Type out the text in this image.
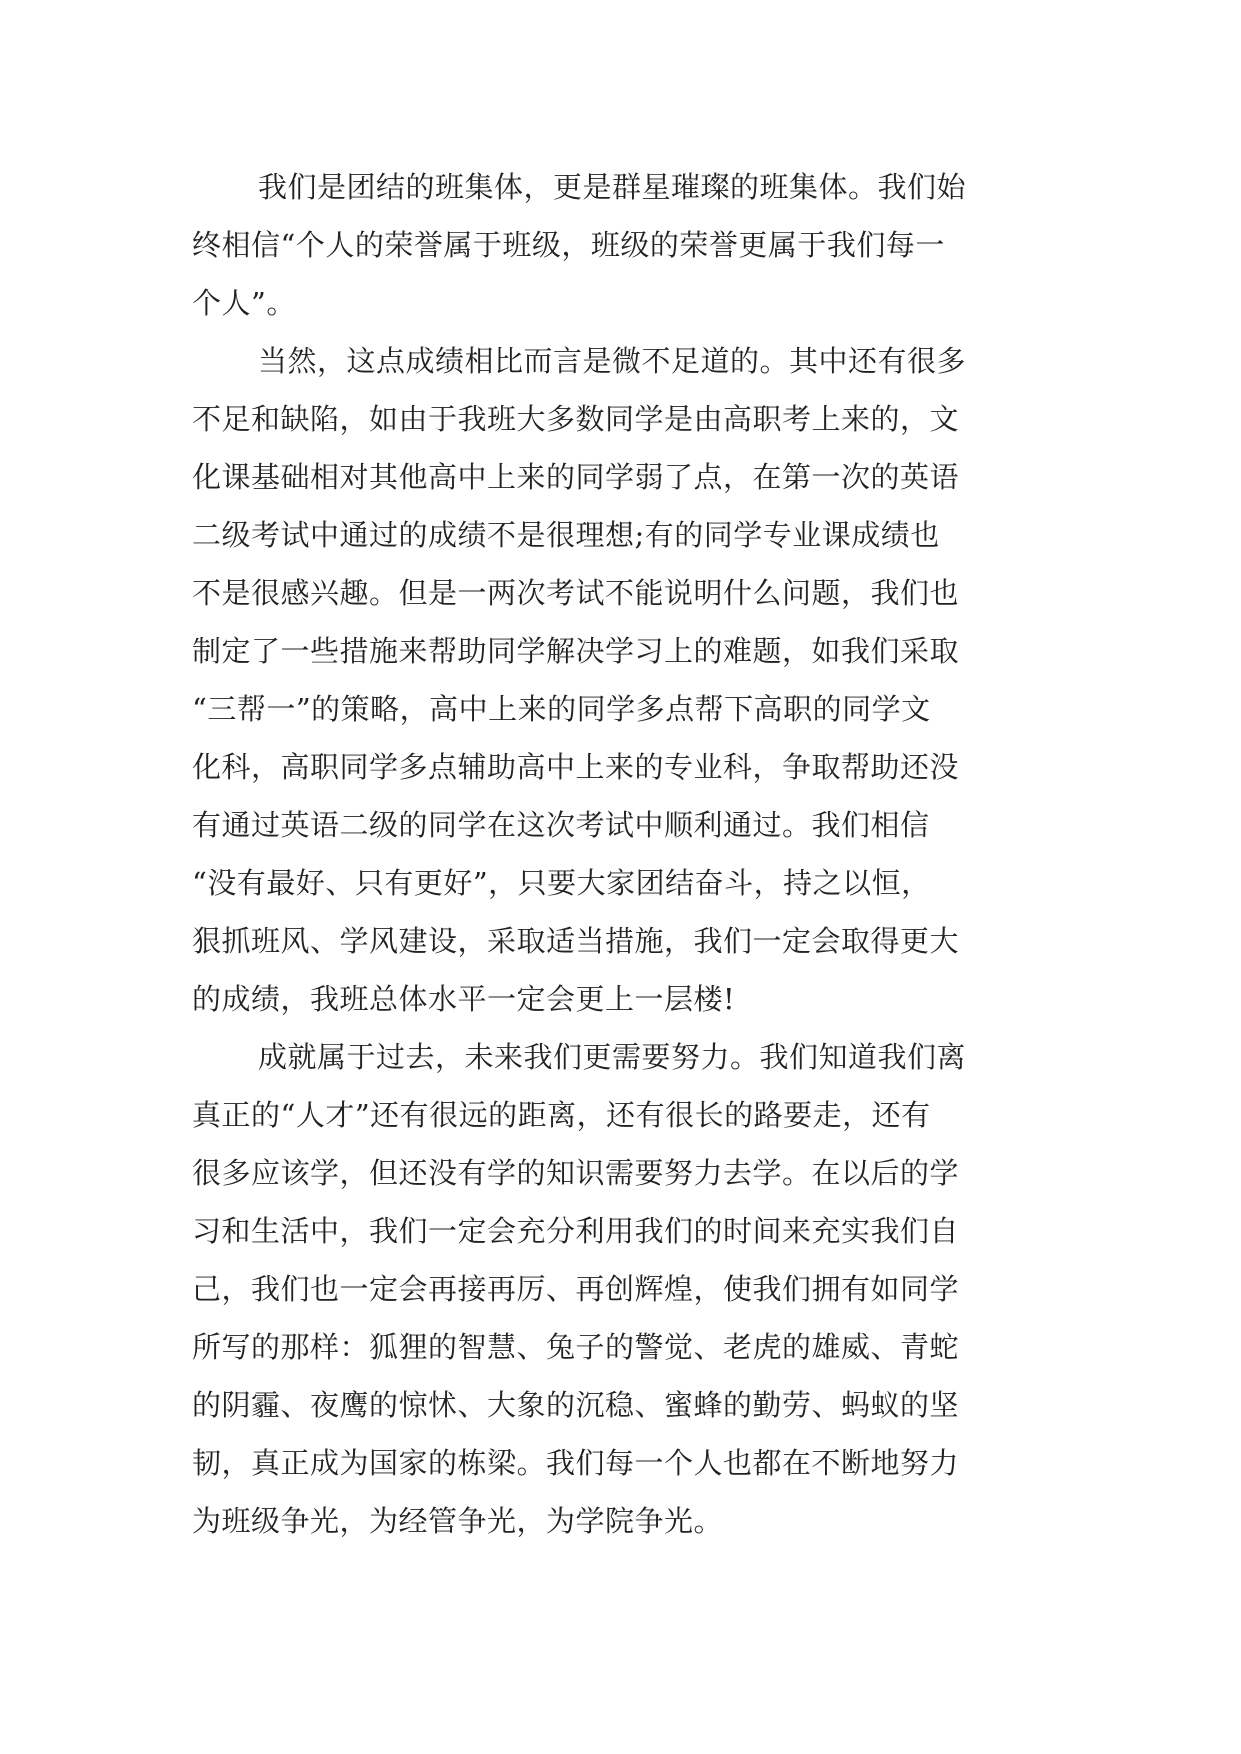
我们是团结的班集体，更是群星璀璨的班集体。我们始
终相信“个人的荣誉属于班级，班级的荣誉更属于我们每一
个人”。
当然，这点成绩相比而言是微不足道的。其中还有很多
不足和缺陷，如由于我班大多数同学是由高职考上来的，文
化课基础相对其他高中上来的同学弱了点，在第一次的英语
二级考试中通过的成绩不是很理想;有的同学专业课成绩也
不是很感兴趣。但是一两次考试不能说明什么问题，我们也
制定了一些措施来帮助同学解决学习上的难题，如我们采取
“三帮一”的策略，高中上来的同学多点帮下高职的同学文
化科，高职同学多点辅助高中上来的专业科，争取帮助还没
有通过英语二级的同学在这次考试中顺利通过。我们相信
“没有最好、只有更好”，只要大家团结奋斗，持之以恒，
狠抓班风、学风建设，采取适当措施，我们一定会取得更大
的成绩，我班总体水平一定会更上一层楼!
成就属于过去，未来我们更需要努力。我们知道我们离
真正的“人才”还有很远的距离，还有很长的路要走，还有
很多应该学，但还没有学的知识需要努力去学。在以后的学
习和生活中，我们一定会充分利用我们的时间来充实我们自
己，我们也一定会再接再厉、再创辉煌，使我们拥有如同学
所写的那样：狐狸的智慧、兔子的警觉、老虎的雄威、青蛇
的阴霾、夜鹰的惊怵、大象的沉稳、蜜蜂的勤劳、蚂蚁的坚
韧，真正成为国家的栋梁。我们每一个人也都在不断地努力
为班级争光，为经管争光，为学院争光。
